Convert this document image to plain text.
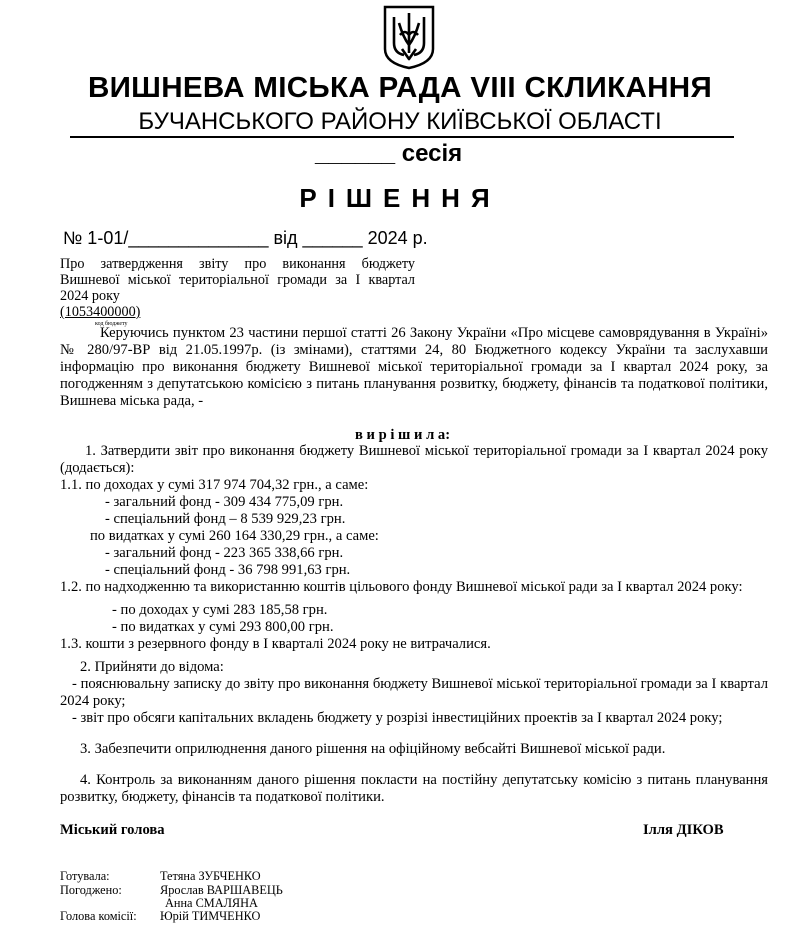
ВИШНЕВА МІСЬКА РАДА VIII СКЛИКАННЯ
БУЧАНСЬКОГО РАЙОНУ КИЇВСЬКОЇ ОБЛАСТІ
______ сесія
РІШЕННЯ
№ 1-01/______________ від ______ 2024 р.
Про затвердження звіту про виконання бюджету Вишневої міської територіальної громади за І квартал 2024 року
(1053400000)
код бюджету
Керуючись пунктом 23 частини першої статті 26 Закону України «Про місцеве самоврядування в Україні» № 280/97-ВР від 21.05.1997р. (із змінами), статтями 24, 80 Бюджетного кодексу України та заслухавши інформацію про виконання бюджету Вишневої міської територіальної громади за І квартал 2024 року, за погодженням з депутатською комісією з питань планування розвитку, бюджету, фінансів та податкової політики, Вишнева міська рада, -
в и р і ш и л а:
1. Затвердити звіт про виконання бюджету Вишневої міської територіальної громади за І квартал 2024 року (додається):
1.1. по доходах у сумі 317 974 704,32 грн., а саме:
- загальний фонд - 309 434 775,09 грн.
- спеціальний фонд – 8 539 929,23 грн.
по видатках у сумі 260 164 330,29 грн., а саме:
- загальний фонд - 223 365 338,66 грн.
- спеціальний фонд - 36 798 991,63 грн.
1.2. по надходженню та використанню коштів цільового фонду Вишневої міської ради за І квартал 2024 року:
- по доходах у сумі 283 185,58 грн.
- по видатках у сумі 293 800,00 грн.
1.3. кошти з резервного фонду в І кварталі 2024 року не витрачалися.
2. Прийняти до відома:
- пояснювальну записку до звіту про виконання бюджету Вишневої міської територіальної громади за І квартал 2024 року;
- звіт про обсяги капітальних вкладень бюджету у розрізі інвестиційних проектів за І квартал 2024 року;
3. Забезпечити оприлюднення даного рішення на офіційному вебсайті Вишневої міської ради.
4. Контроль за виконанням даного рішення покласти на постійну депутатську комісію з питань планування розвитку, бюджету, фінансів та податкової політики.
Міський голова	Ілля ДІКОВ
Готувала:	Тетяна ЗУБЧЕНКО
Погоджено:	Ярослав ВАРШАВЕЦЬ
Анна СМАЛЯНА
Голова комісії: Юрій ТИМЧЕНКО
